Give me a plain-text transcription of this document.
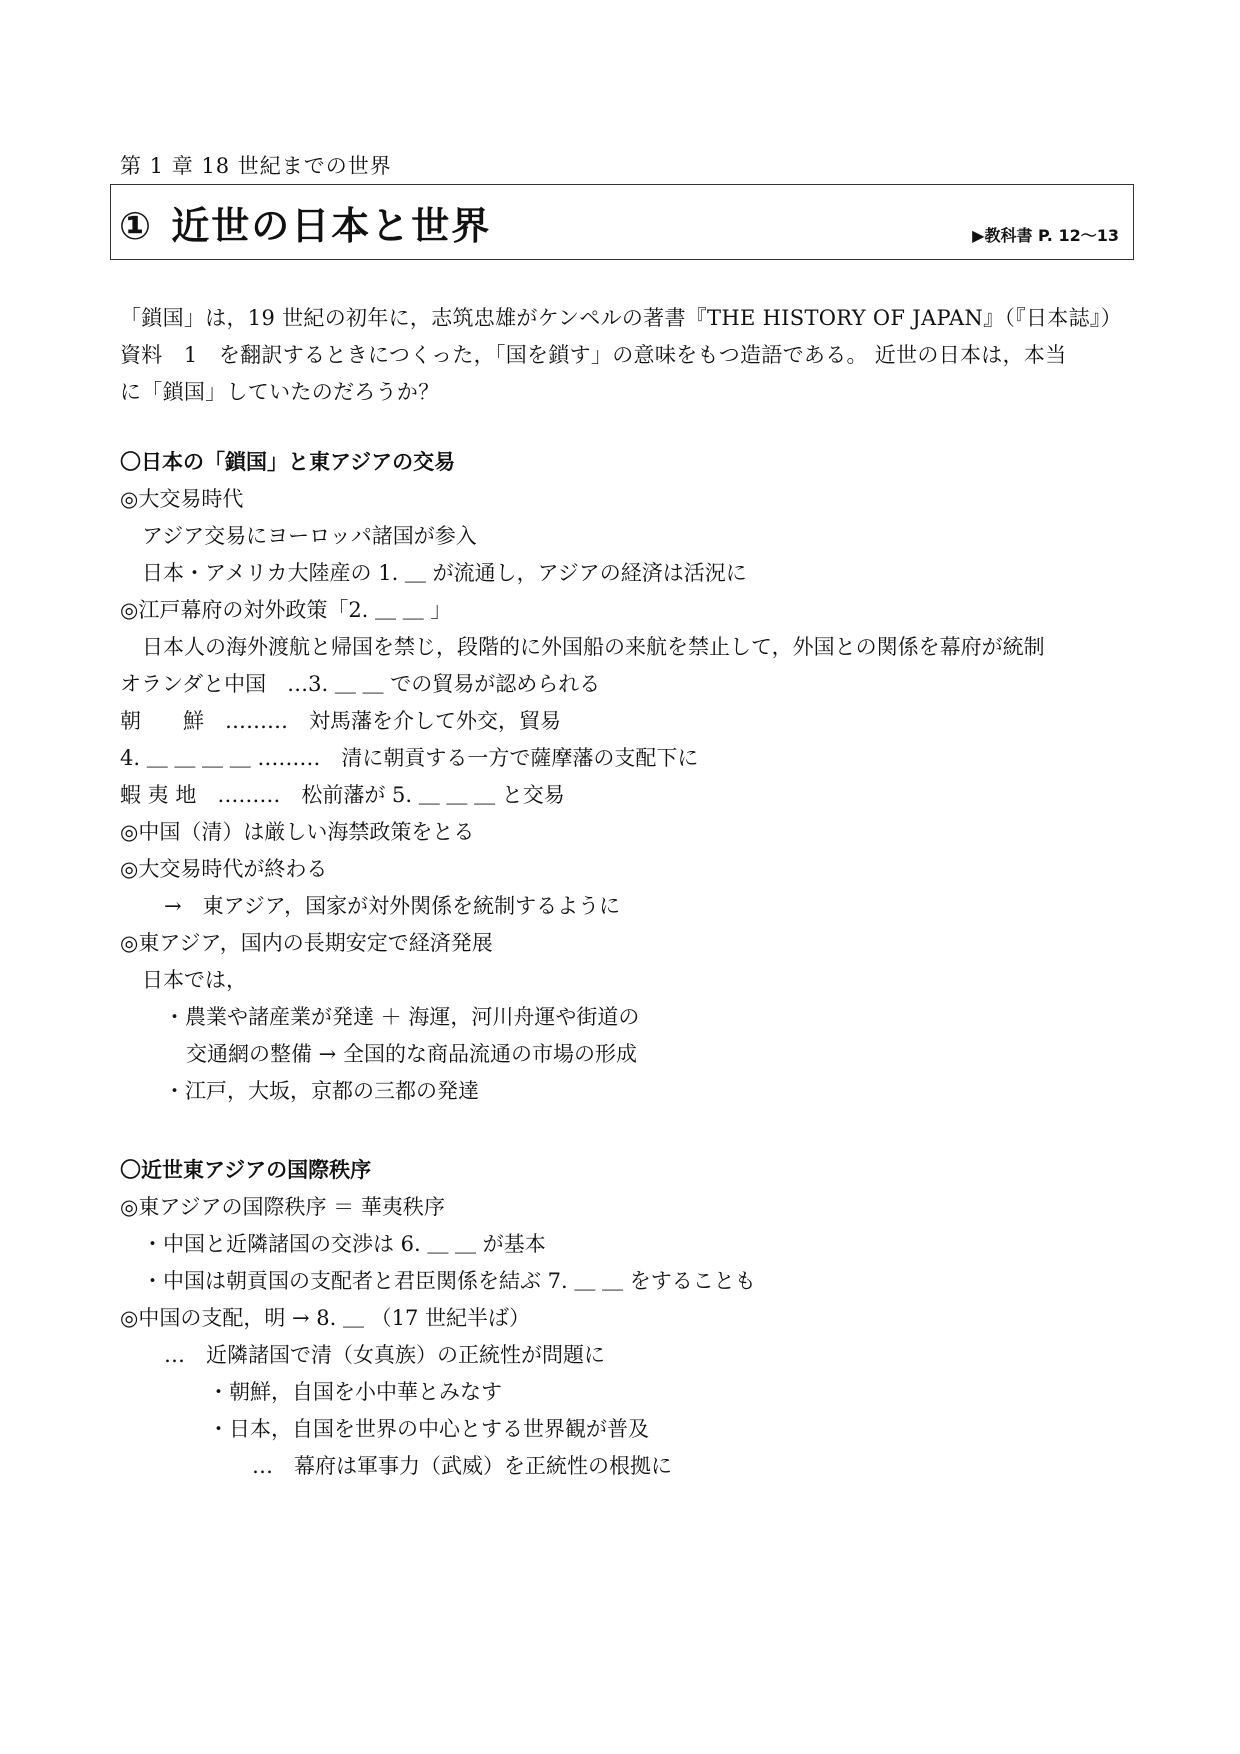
第 1 章 18 世紀までの世界
① 近世の日本と世界	▶教科書 P. 12〜13

「鎖国」は，19 世紀の初年に，志筑忠雄がケンペルの著書『THE HISTORY OF JAPAN』（『日本誌』）

資料　1　を翻訳するときにつくった，「国を鎖す」の意味をもつ造語である。 近世の日本は，本当

に「鎖国」していたのだろうか？

〇日本の「鎖国」と東アジアの交易
◎大交易時代
アジア交易にヨーロッパ諸国が参入
日本・アメリカ大陸産の 1. ＿ が流通し，アジアの経済は活況に
◎江戸幕府の対外政策「2. ＿ ＿ 」
日本人の海外渡航と帰国を禁じ，段階的に外国船の来航を禁止して，外国との関係を幕府が統制
オランダと中国　…3. ＿ ＿ での貿易が認められる
朝　　鮮　………　対馬藩を介して外交，貿易
4. ＿ ＿ ＿ ＿ ………　清に朝貢する一方で薩摩藩の支配下に
蝦 夷 地　………　松前藩が 5. ＿ ＿ ＿ と交易
◎中国（清）は厳しい海禁政策をとる
◎大交易時代が終わる
→　東アジア，国家が対外関係を統制するように
◎東アジア，国内の長期安定で経済発展
日本では，
・農業や諸産業が発達 ＋ 海運，河川舟運や街道の
交通網の整備 → 全国的な商品流通の市場の形成
・江戸，大坂，京都の三都の発達
〇近世東アジアの国際秩序
◎東アジアの国際秩序 ＝ 華夷秩序
・中国と近隣諸国の交渉は 6. ＿ ＿ が基本
・中国は朝貢国の支配者と君臣関係を結ぶ 7. ＿ ＿ をすることも
◎中国の支配，明 → 8. ＿ （17 世紀半ば）
…　近隣諸国で清（女真族）の正統性が問題に
・朝鮮，自国を小中華とみなす
・日本，自国を世界の中心とする世界観が普及
…　幕府は軍事力（武威）を正統性の根拠に
